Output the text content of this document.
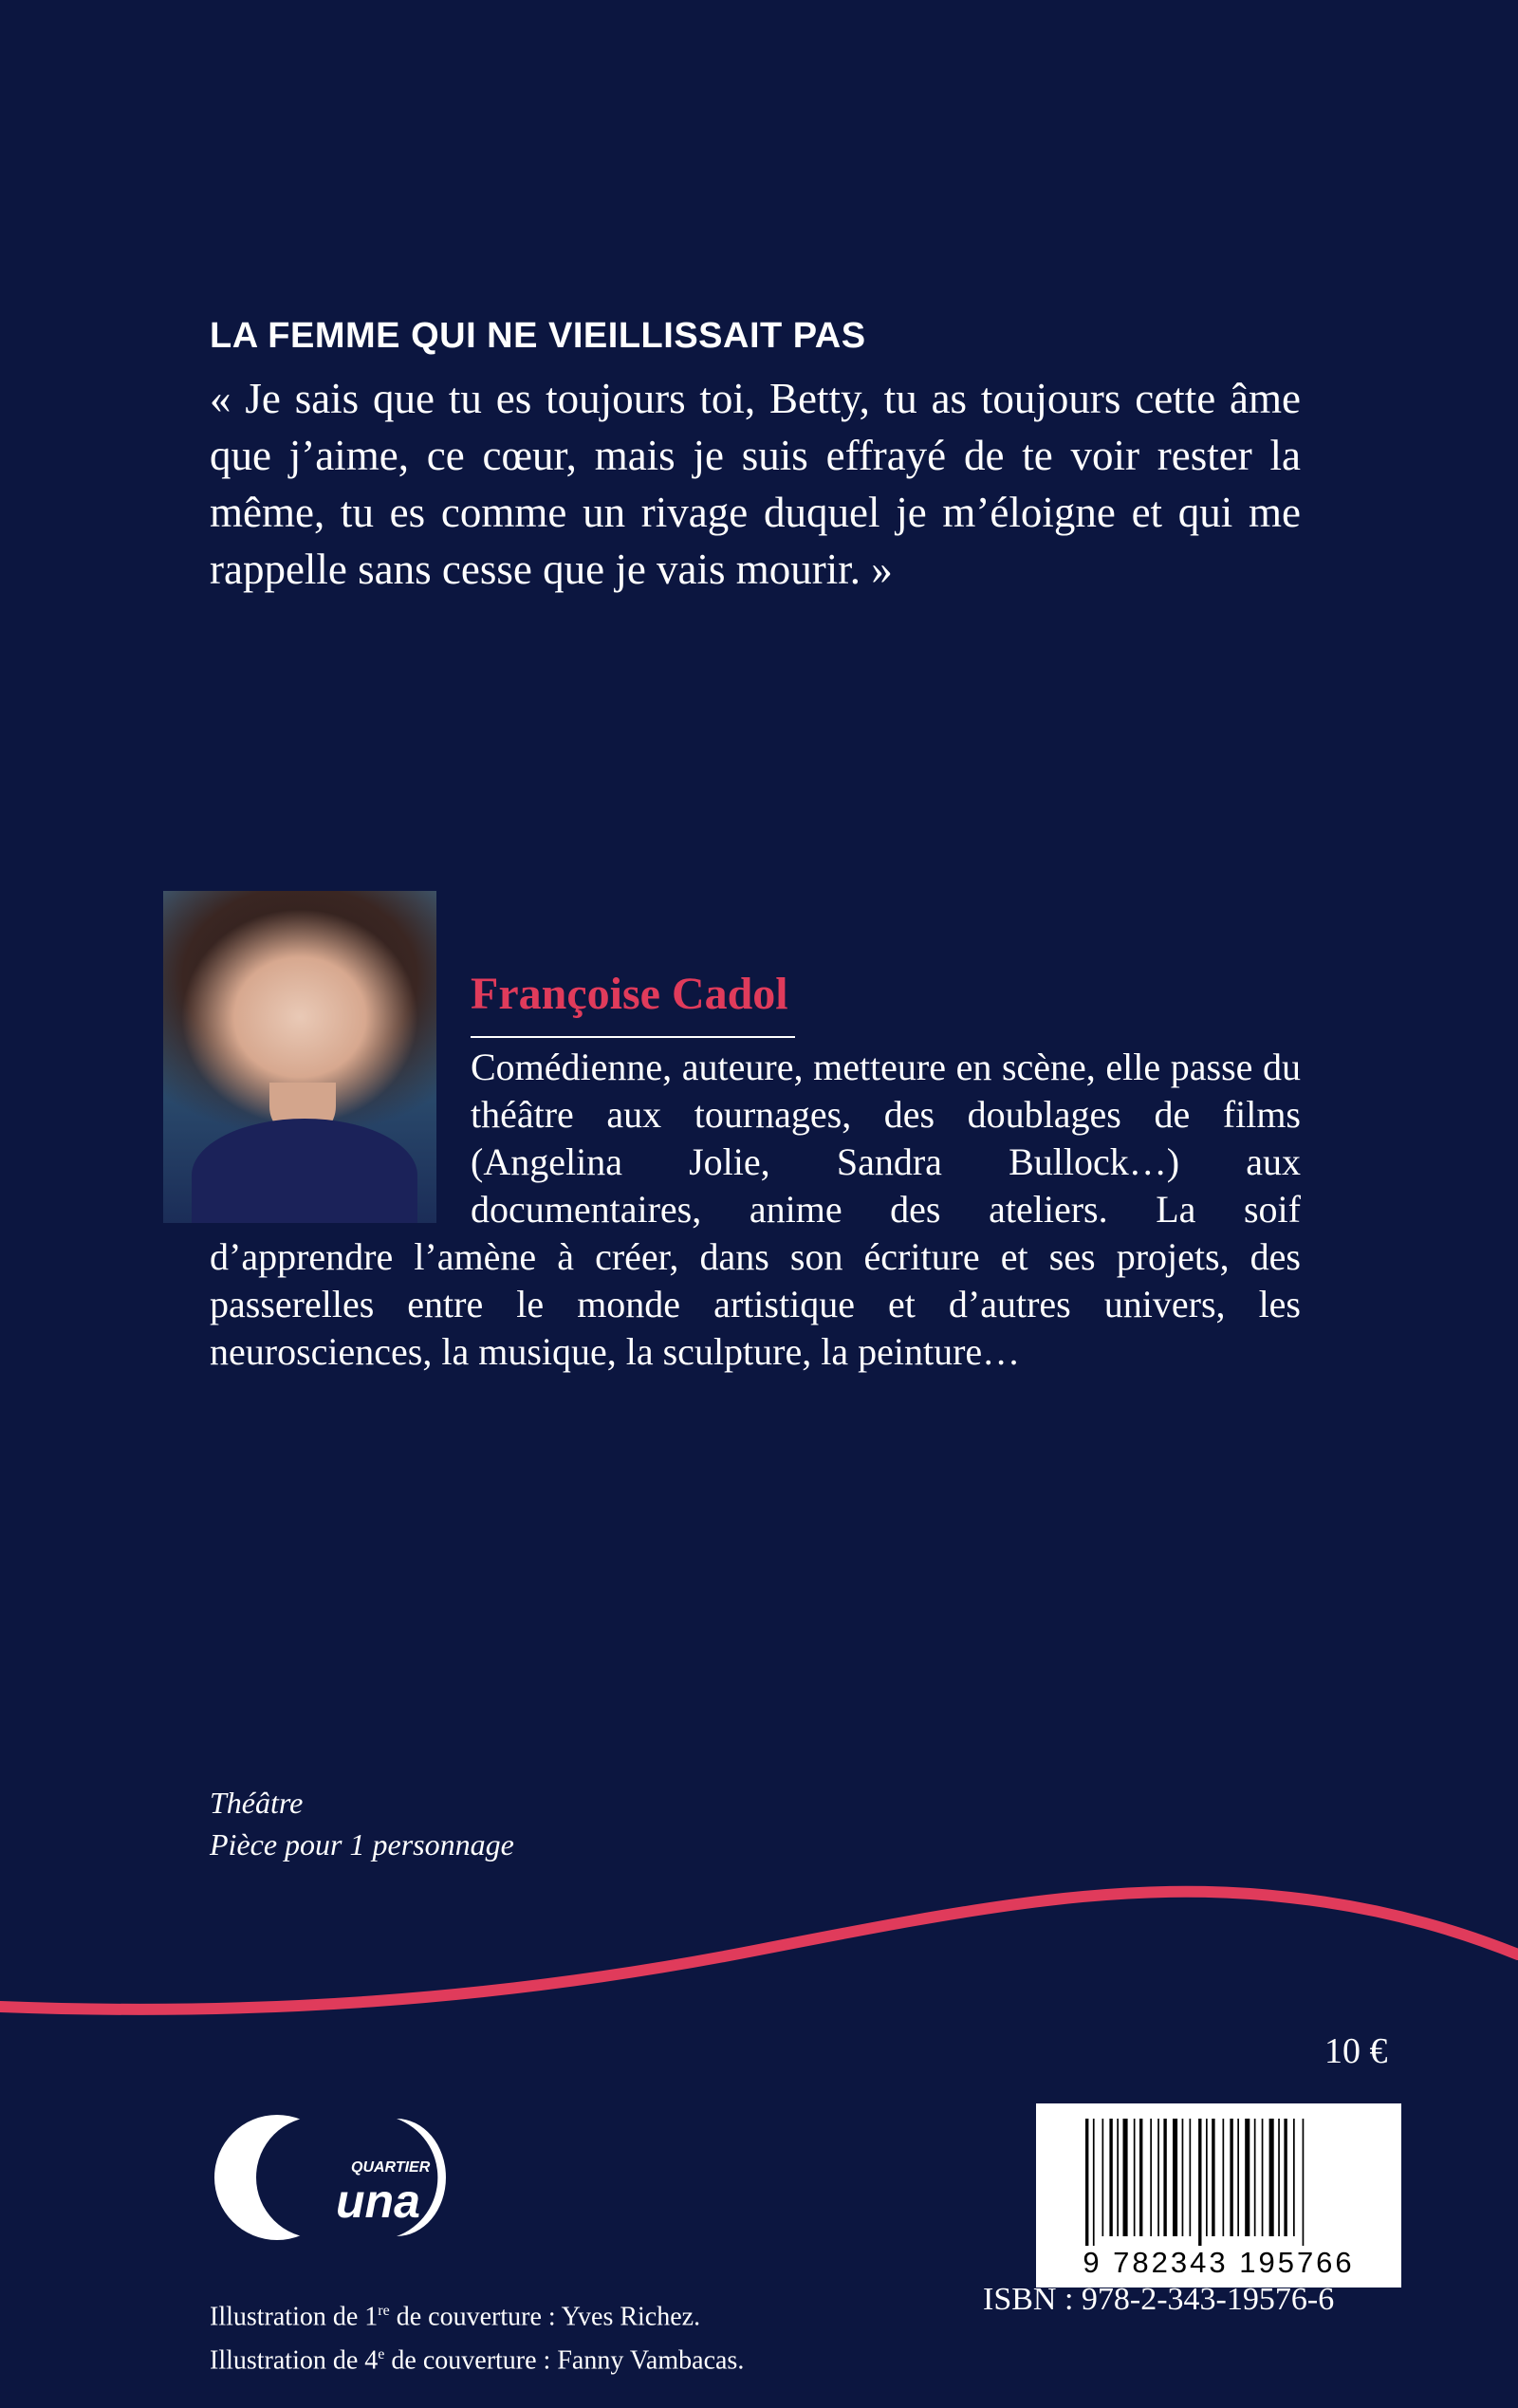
LA FEMME QUI NE VIEILLISSAIT PAS

« Je sais que tu es toujours toi, Betty, tu as toujours cette âme que j’aime, ce cœur, mais je suis effrayé de te voir rester la même, tu es comme un rivage duquel je m’éloigne et qui me rappelle sans cesse que je vais mourir. »

Françoise Cadol

Comédienne, auteure, metteure en scène, elle passe du théâtre aux tournages, des doublages de films (Angelina Jolie, Sandra Bullock…) aux documentaires, anime des ateliers. La soif d’apprendre l’amène à créer, dans son écriture et ses projets, des passerelles entre le monde artistique et d’autres univers, les neurosciences, la musique, la sculpture, la peinture…

Théâtre
Pièce pour 1 personnage
10 €
QUARTIER
una
9 782343 195766
ISBN : 978-2-343-19576-6
Illustration de 1re de couverture : Yves Richez.
Illustration de 4e de couverture : Fanny Vambacas.
